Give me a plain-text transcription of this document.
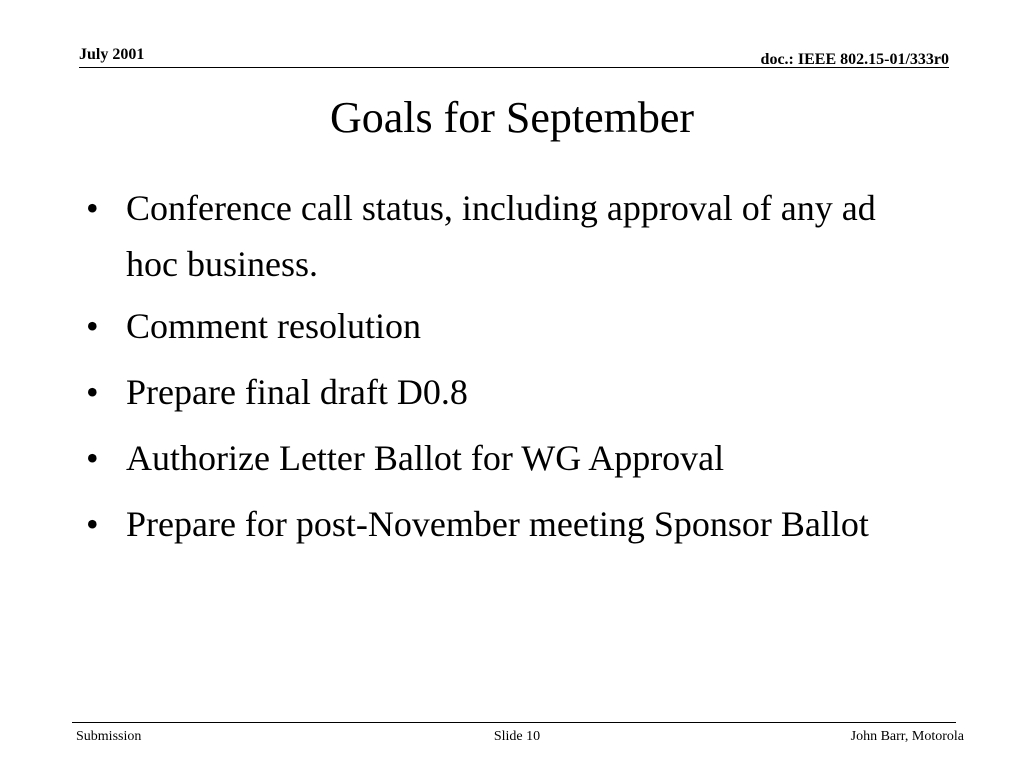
July 2001	doc.: IEEE 802.15-01/333r0
Goals for September
• Conference call status, including approval of any ad hoc business.
• Comment resolution
• Prepare final draft D0.8
• Authorize Letter Ballot for WG Approval
• Prepare for post-November meeting Sponsor Ballot
Submission	Slide 10	John Barr, Motorola
